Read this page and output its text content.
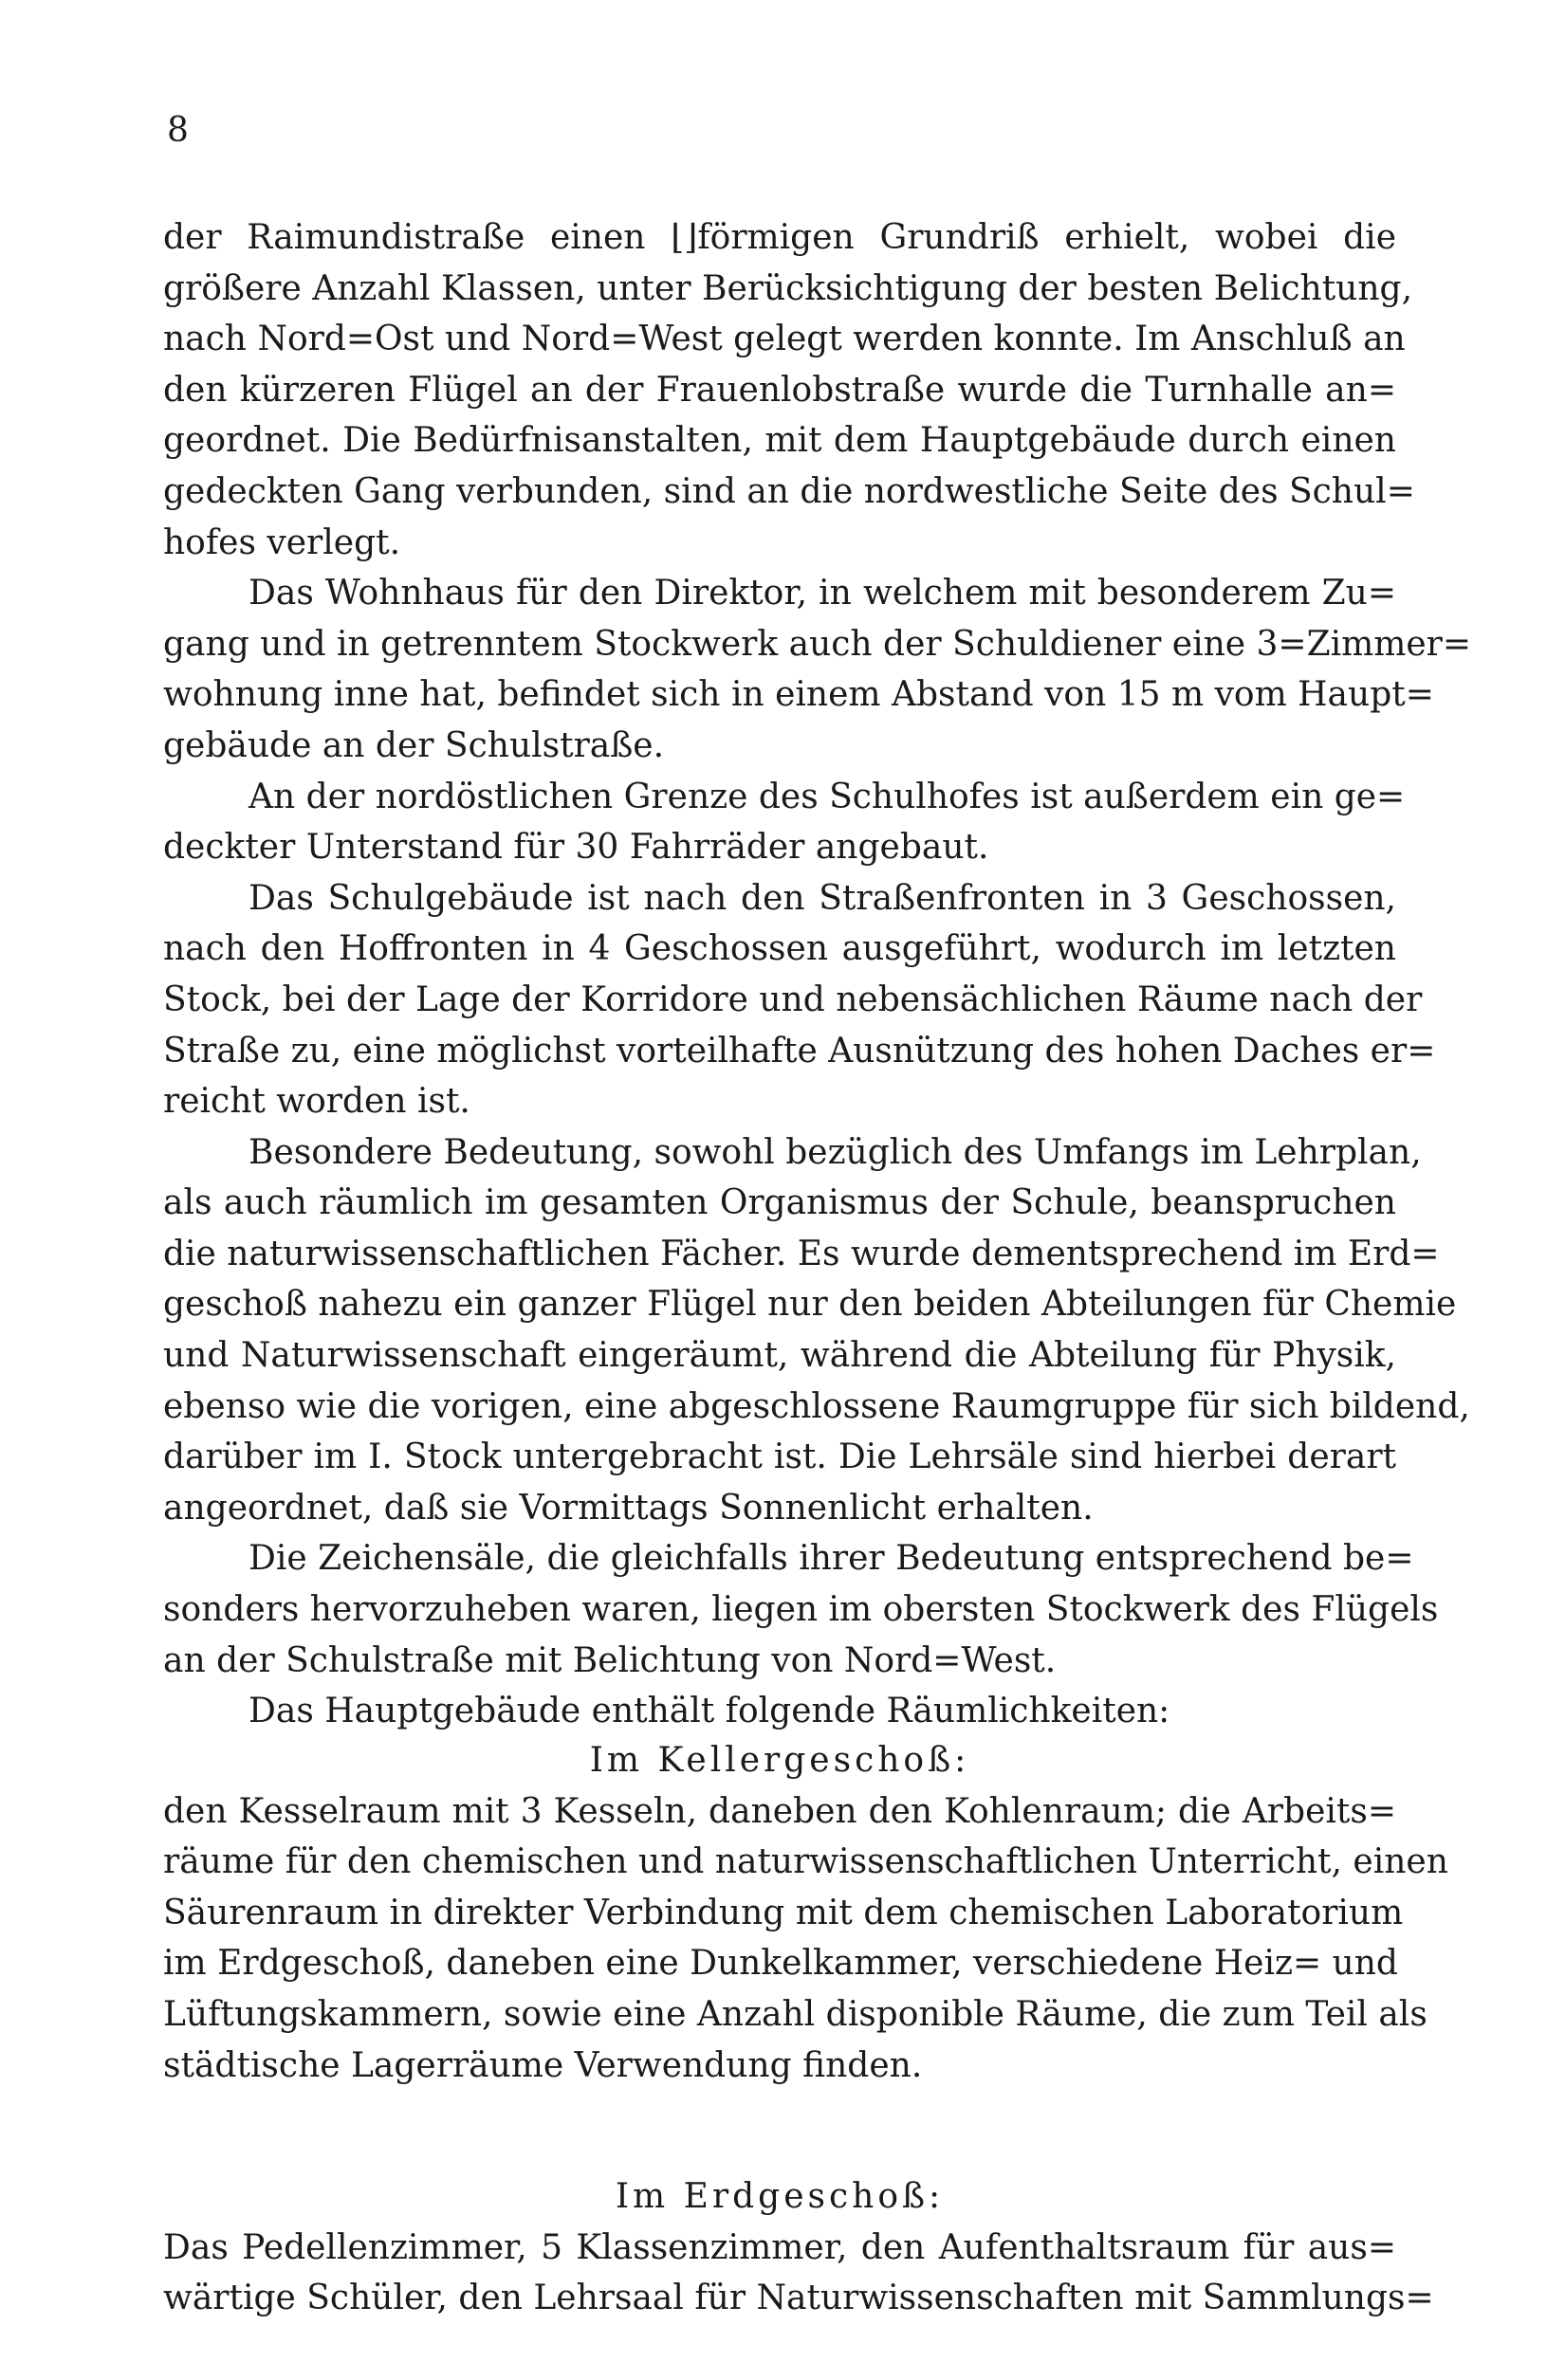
8
der Raimundistraße einen ⌊⌋förmigen Grundriß erhielt, wobei die
größere Anzahl Klassen, unter Berücksichtigung der besten Belichtung,
nach Nord=Ost und Nord=West gelegt werden konnte. Im Anschluß an
den kürzeren Flügel an der Frauenlobstraße wurde die Turnhalle an=
geordnet. Die Bedürfnisanstalten, mit dem Hauptgebäude durch einen
gedeckten Gang verbunden, sind an die nordwestliche Seite des Schul=
hofes verlegt.
Das Wohnhaus für den Direktor, in welchem mit besonderem Zu=
gang und in getrenntem Stockwerk auch der Schuldiener eine 3=Zimmer=
wohnung inne hat, befindet sich in einem Abstand von 15 m vom Haupt=
gebäude an der Schulstraße.
An der nordöstlichen Grenze des Schulhofes ist außerdem ein ge=
deckter Unterstand für 30 Fahrräder angebaut.
Das Schulgebäude ist nach den Straßenfronten in 3 Geschossen,
nach den Hoffronten in 4 Geschossen ausgeführt, wodurch im letzten
Stock, bei der Lage der Korridore und nebensächlichen Räume nach der
Straße zu, eine möglichst vorteilhafte Ausnützung des hohen Daches er=
reicht worden ist.
Besondere Bedeutung, sowohl bezüglich des Umfangs im Lehrplan,
als auch räumlich im gesamten Organismus der Schule, beanspruchen
die naturwissenschaftlichen Fächer. Es wurde dementsprechend im Erd=
geschoß nahezu ein ganzer Flügel nur den beiden Abteilungen für Chemie
und Naturwissenschaft eingeräumt, während die Abteilung für Physik,
ebenso wie die vorigen, eine abgeschlossene Raumgruppe für sich bildend,
darüber im I. Stock untergebracht ist. Die Lehrsäle sind hierbei derart
angeordnet, daß sie Vormittags Sonnenlicht erhalten.
Die Zeichensäle, die gleichfalls ihrer Bedeutung entsprechend be=
sonders hervorzuheben waren, liegen im obersten Stockwerk des Flügels
an der Schulstraße mit Belichtung von Nord=West.
Das Hauptgebäude enthält folgende Räumlichkeiten:
Im Kellergeschoß:
den Kesselraum mit 3 Kesseln, daneben den Kohlenraum; die Arbeits=
räume für den chemischen und naturwissenschaftlichen Unterricht, einen
Säurenraum in direkter Verbindung mit dem chemischen Laboratorium
im Erdgeschoß, daneben eine Dunkelkammer, verschiedene Heiz= und
Lüftungskammern, sowie eine Anzahl disponible Räume, die zum Teil als
städtische Lagerräume Verwendung finden.
Im Erdgeschoß:
Das Pedellenzimmer, 5 Klassenzimmer, den Aufenthaltsraum für aus=
wärtige Schüler, den Lehrsaal für Naturwissenschaften mit Sammlungs=
